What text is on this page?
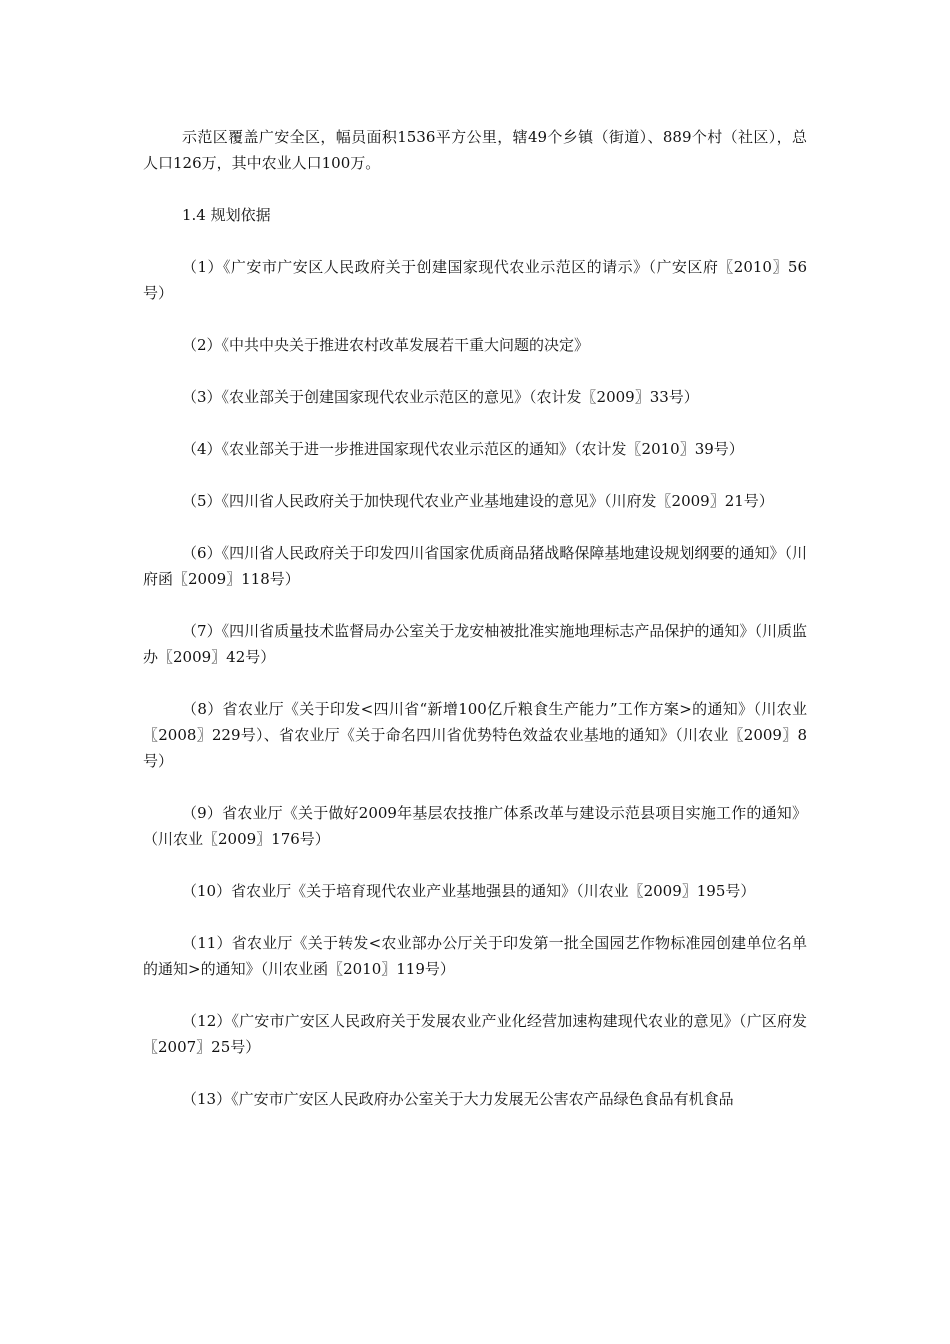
示范区覆盖广安全区，幅员面积1536平方公里，辖49个乡镇（街道）、889个村（社区），总人口126万，其中农业人口100万。

1.4 规划依据

（1）《广安市广安区人民政府关于创建国家现代农业示范区的请示》（广安区府〖2010〗56号）

（2）《中共中央关于推进农村改革发展若干重大问题的决定》

（3）《农业部关于创建国家现代农业示范区的意见》（农计发〖2009〗33号）

（4）《农业部关于进一步推进国家现代农业示范区的通知》（农计发〖2010〗39号）

（5）《四川省人民政府关于加快现代农业产业基地建设的意见》（川府发〖2009〗21号）

（6）《四川省人民政府关于印发四川省国家优质商品猪战略保障基地建设规划纲要的通知》（川府函〖2009〗118号）

（7）《四川省质量技术监督局办公室关于龙安柚被批准实施地理标志产品保护的通知》（川质监办〖2009〗42号）

（8）省农业厅《关于印发<四川省“新增100亿斤粮食生产能力”工作方案>的通知》（川农业〖2008〗229号）、省农业厅《关于命名四川省优势特色效益农业基地的通知》（川农业〖2009〗8号）

（9）省农业厅《关于做好2009年基层农技推广体系改革与建设示范县项目实施工作的通知》（川农业〖2009〗176号）

（10）省农业厅《关于培育现代农业产业基地强县的通知》（川农业〖2009〗195号）

（11）省农业厅《关于转发<农业部办公厅关于印发第一批全国园艺作物标准园创建单位名单的通知>的通知》（川农业函〖2010〗119号）

（12）《广安市广安区人民政府关于发展农业产业化经营加速构建现代农业的意见》（广区府发〖2007〗25号）

（13）《广安市广安区人民政府办公室关于大力发展无公害农产品绿色食品有机食品
